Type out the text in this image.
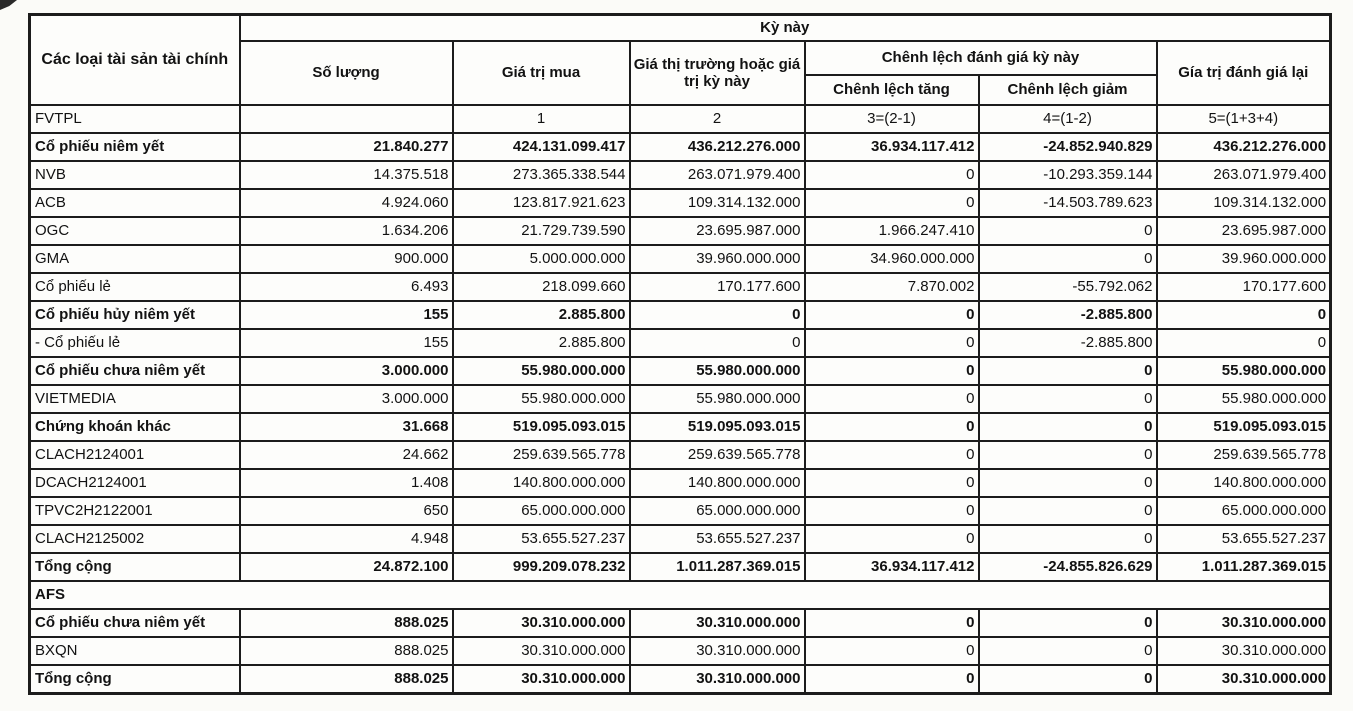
Các loại tài sản tài chính	Kỳ này					
	Số lượng	Giá trị mua	Giá thị trường hoặc giá trị kỳ này	Chênh lệch đánh giá kỳ này		Gía trị đánh giá lại
				Chênh lệch tăng	Chênh lệch giảm	
FVTPL		1	2	3=(2-1)	4=(1-2)	5=(1+3+4)
Cổ phiếu niêm yết	21.840.277	424.131.099.417	436.212.276.000	36.934.117.412	-24.852.940.829	436.212.276.000
NVB	14.375.518	273.365.338.544	263.071.979.400	0	-10.293.359.144	263.071.979.400
ACB	4.924.060	123.817.921.623	109.314.132.000	0	-14.503.789.623	109.314.132.000
OGC	1.634.206	21.729.739.590	23.695.987.000	1.966.247.410	0	23.695.987.000
GMA	900.000	5.000.000.000	39.960.000.000	34.960.000.000	0	39.960.000.000
Cổ phiếu lẻ	6.493	218.099.660	170.177.600	7.870.002	-55.792.062	170.177.600
Cổ phiếu hủy niêm yết	155	2.885.800	0	0	-2.885.800	0
- Cổ phiếu lẻ	155	2.885.800	0	0	-2.885.800	0
Cổ phiếu chưa niêm yết	3.000.000	55.980.000.000	55.980.000.000	0	0	55.980.000.000
VIETMEDIA	3.000.000	55.980.000.000	55.980.000.000	0	0	55.980.000.000
Chứng khoán khác	31.668	519.095.093.015	519.095.093.015	0	0	519.095.093.015
CLACH2124001	24.662	259.639.565.778	259.639.565.778	0	0	259.639.565.778
DCACH2124001	1.408	140.800.000.000	140.800.000.000	0	0	140.800.000.000
TPVC2H2122001	650	65.000.000.000	65.000.000.000	0	0	65.000.000.000
CLACH2125002	4.948	53.655.527.237	53.655.527.237	0	0	53.655.527.237
Tổng cộng	24.872.100	999.209.078.232	1.011.287.369.015	36.934.117.412	-24.855.826.629	1.011.287.369.015
AFS						
Cổ phiếu chưa niêm yết	888.025	30.310.000.000	30.310.000.000	0	0	30.310.000.000
BXQN	888.025	30.310.000.000	30.310.000.000	0	0	30.310.000.000
Tổng cộng	888.025	30.310.000.000	30.310.000.000	0	0	30.310.000.000
